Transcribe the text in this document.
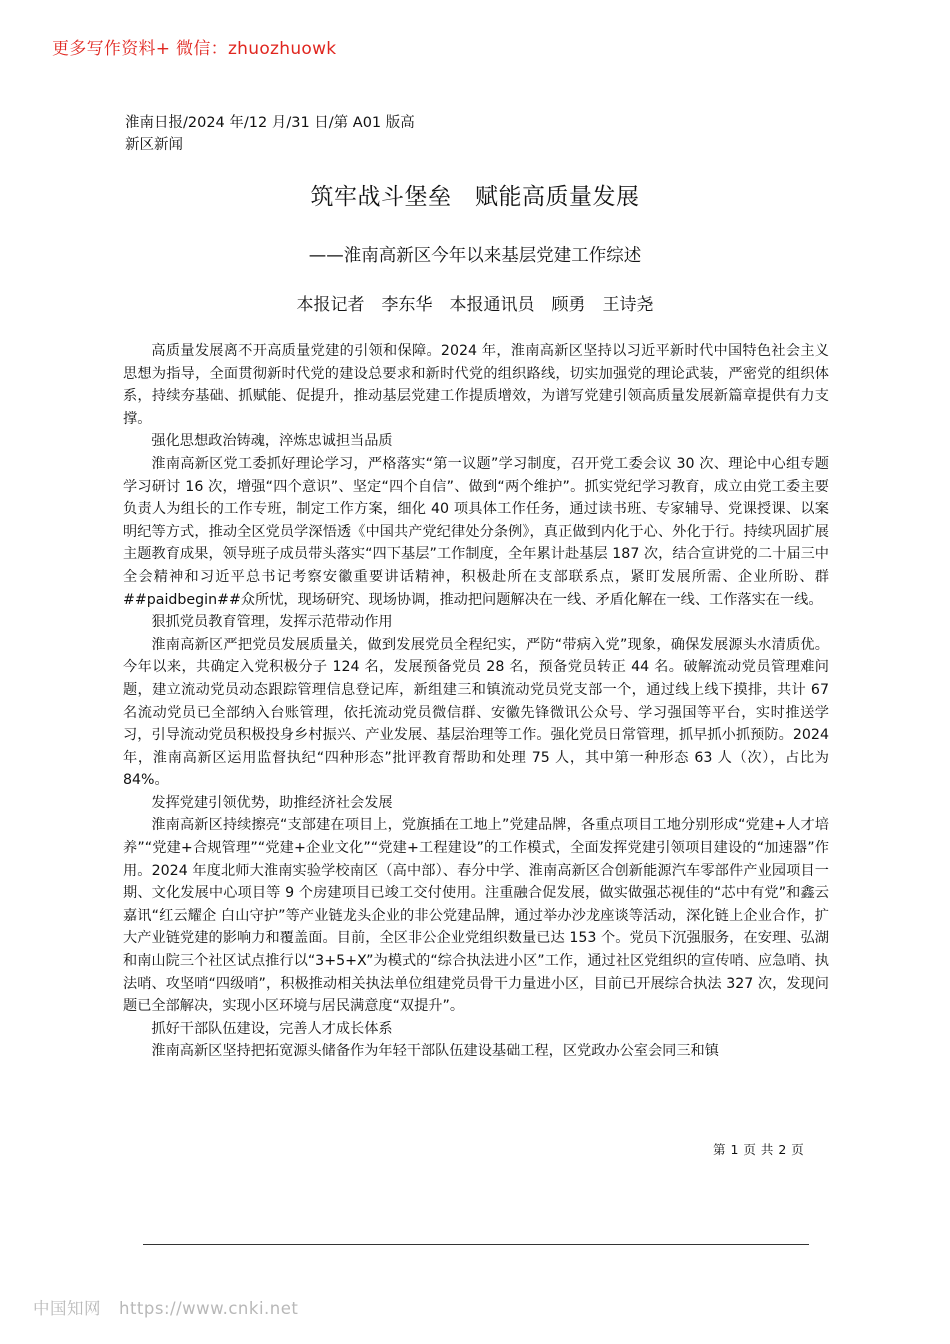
更多写作资料+ 微信：zhuozhuowk
淮南日报/2024 年/12 月/31 日/第 A01 版高新区新闻
筑牢战斗堡垒　赋能高质量发展
——淮南高新区今年以来基层党建工作综述
本报记者　李东华　本报通讯员　顾勇　王诗尧

高质量发展离不开高质量党建的引领和保障。2024 年，淮南高新区坚持以习近平新时代中国特色社会主义思想为指导，全面贯彻新时代党的建设总要求和新时代党的组织路线，切实加强党的理论武装，严密党的组织体系，持续夯基础、抓赋能、促提升，推动基层党建工作提质增效，为谱写党建引领高质量发展新篇章提供有力支撑。

强化思想政治铸魂，淬炼忠诚担当品质

淮南高新区党工委抓好理论学习，严格落实“第一议题”学习制度，召开党工委会议 30 次、理论中心组专题学习研讨 16 次，增强“四个意识”、坚定“四个自信”、做到“两个维护”。抓实党纪学习教育，成立由党工委主要负责人为组长的工作专班，制定工作方案，细化 40 项具体工作任务，通过读书班、专家辅导、党课授课、以案明纪等方式，推动全区党员学深悟透《中国共产党纪律处分条例》，真正做到内化于心、外化于行。持续巩固扩展主题教育成果，领导班子成员带头落实“四下基层”工作制度，全年累计赴基层 187 次，结合宣讲党的二十届三中全会精神和习近平总书记考察安徽重要讲话精神，积极赴所在支部联系点，紧盯发展所需、企业所盼、群##paidbegin##众所忧，现场研究、现场协调，推动把问题解决在一线、矛盾化解在一线、工作落实在一线。

狠抓党员教育管理，发挥示范带动作用

淮南高新区严把党员发展质量关，做到发展党员全程纪实，严防“带病入党”现象，确保发展源头水清质优。今年以来，共确定入党积极分子 124 名，发展预备党员 28 名，预备党员转正 44 名。破解流动党员管理难问题，建立流动党员动态跟踪管理信息登记库，新组建三和镇流动党员党支部一个，通过线上线下摸排，共计 67 名流动党员已全部纳入台账管理，依托流动党员微信群、安徽先锋微讯公众号、学习强国等平台，实时推送学习，引导流动党员积极投身乡村振兴、产业发展、基层治理等工作。强化党员日常管理，抓早抓小抓预防。2024 年，淮南高新区运用监督执纪“四种形态”批评教育帮助和处理 75 人，其中第一种形态 63 人（次），占比为 84%。

发挥党建引领优势，助推经济社会发展

淮南高新区持续擦亮“支部建在项目上，党旗插在工地上”党建品牌，各重点项目工地分别形成“党建+人才培养”“党建+合规管理”“党建+企业文化”“党建+工程建设”的工作模式，全面发挥党建引领项目建设的“加速器”作用。2024 年度北师大淮南实验学校南区（高中部）、春分中学、淮南高新区合创新能源汽车零部件产业园项目一期、文化发展中心项目等 9 个房建项目已竣工交付使用。注重融合促发展，做实做强芯视佳的“芯中有党”和鑫云嘉讯“红云耀企 白山守护”等产业链龙头企业的非公党建品牌，通过举办沙龙座谈等活动，深化链上企业合作，扩大产业链党建的影响力和覆盖面。目前，全区非公企业党组织数量已达 153 个。党员下沉强服务，在安理、弘湖和南山院三个社区试点推行以“3+5+X”为模式的“综合执法进小区”工作，通过社区党组织的宣传哨、应急哨、执法哨、攻坚哨“四级哨”，积极推动相关执法单位组建党员骨干力量进小区，目前已开展综合执法 327 次，发现问题已全部解决，实现小区环境与居民满意度“双提升”。

抓好干部队伍建设，完善人才成长体系

淮南高新区坚持把拓宽源头储备作为年轻干部队伍建设基础工程，区党政办公室会同三和镇

第 1 页 共 2 页
中国知网 https://www.cnki.net
